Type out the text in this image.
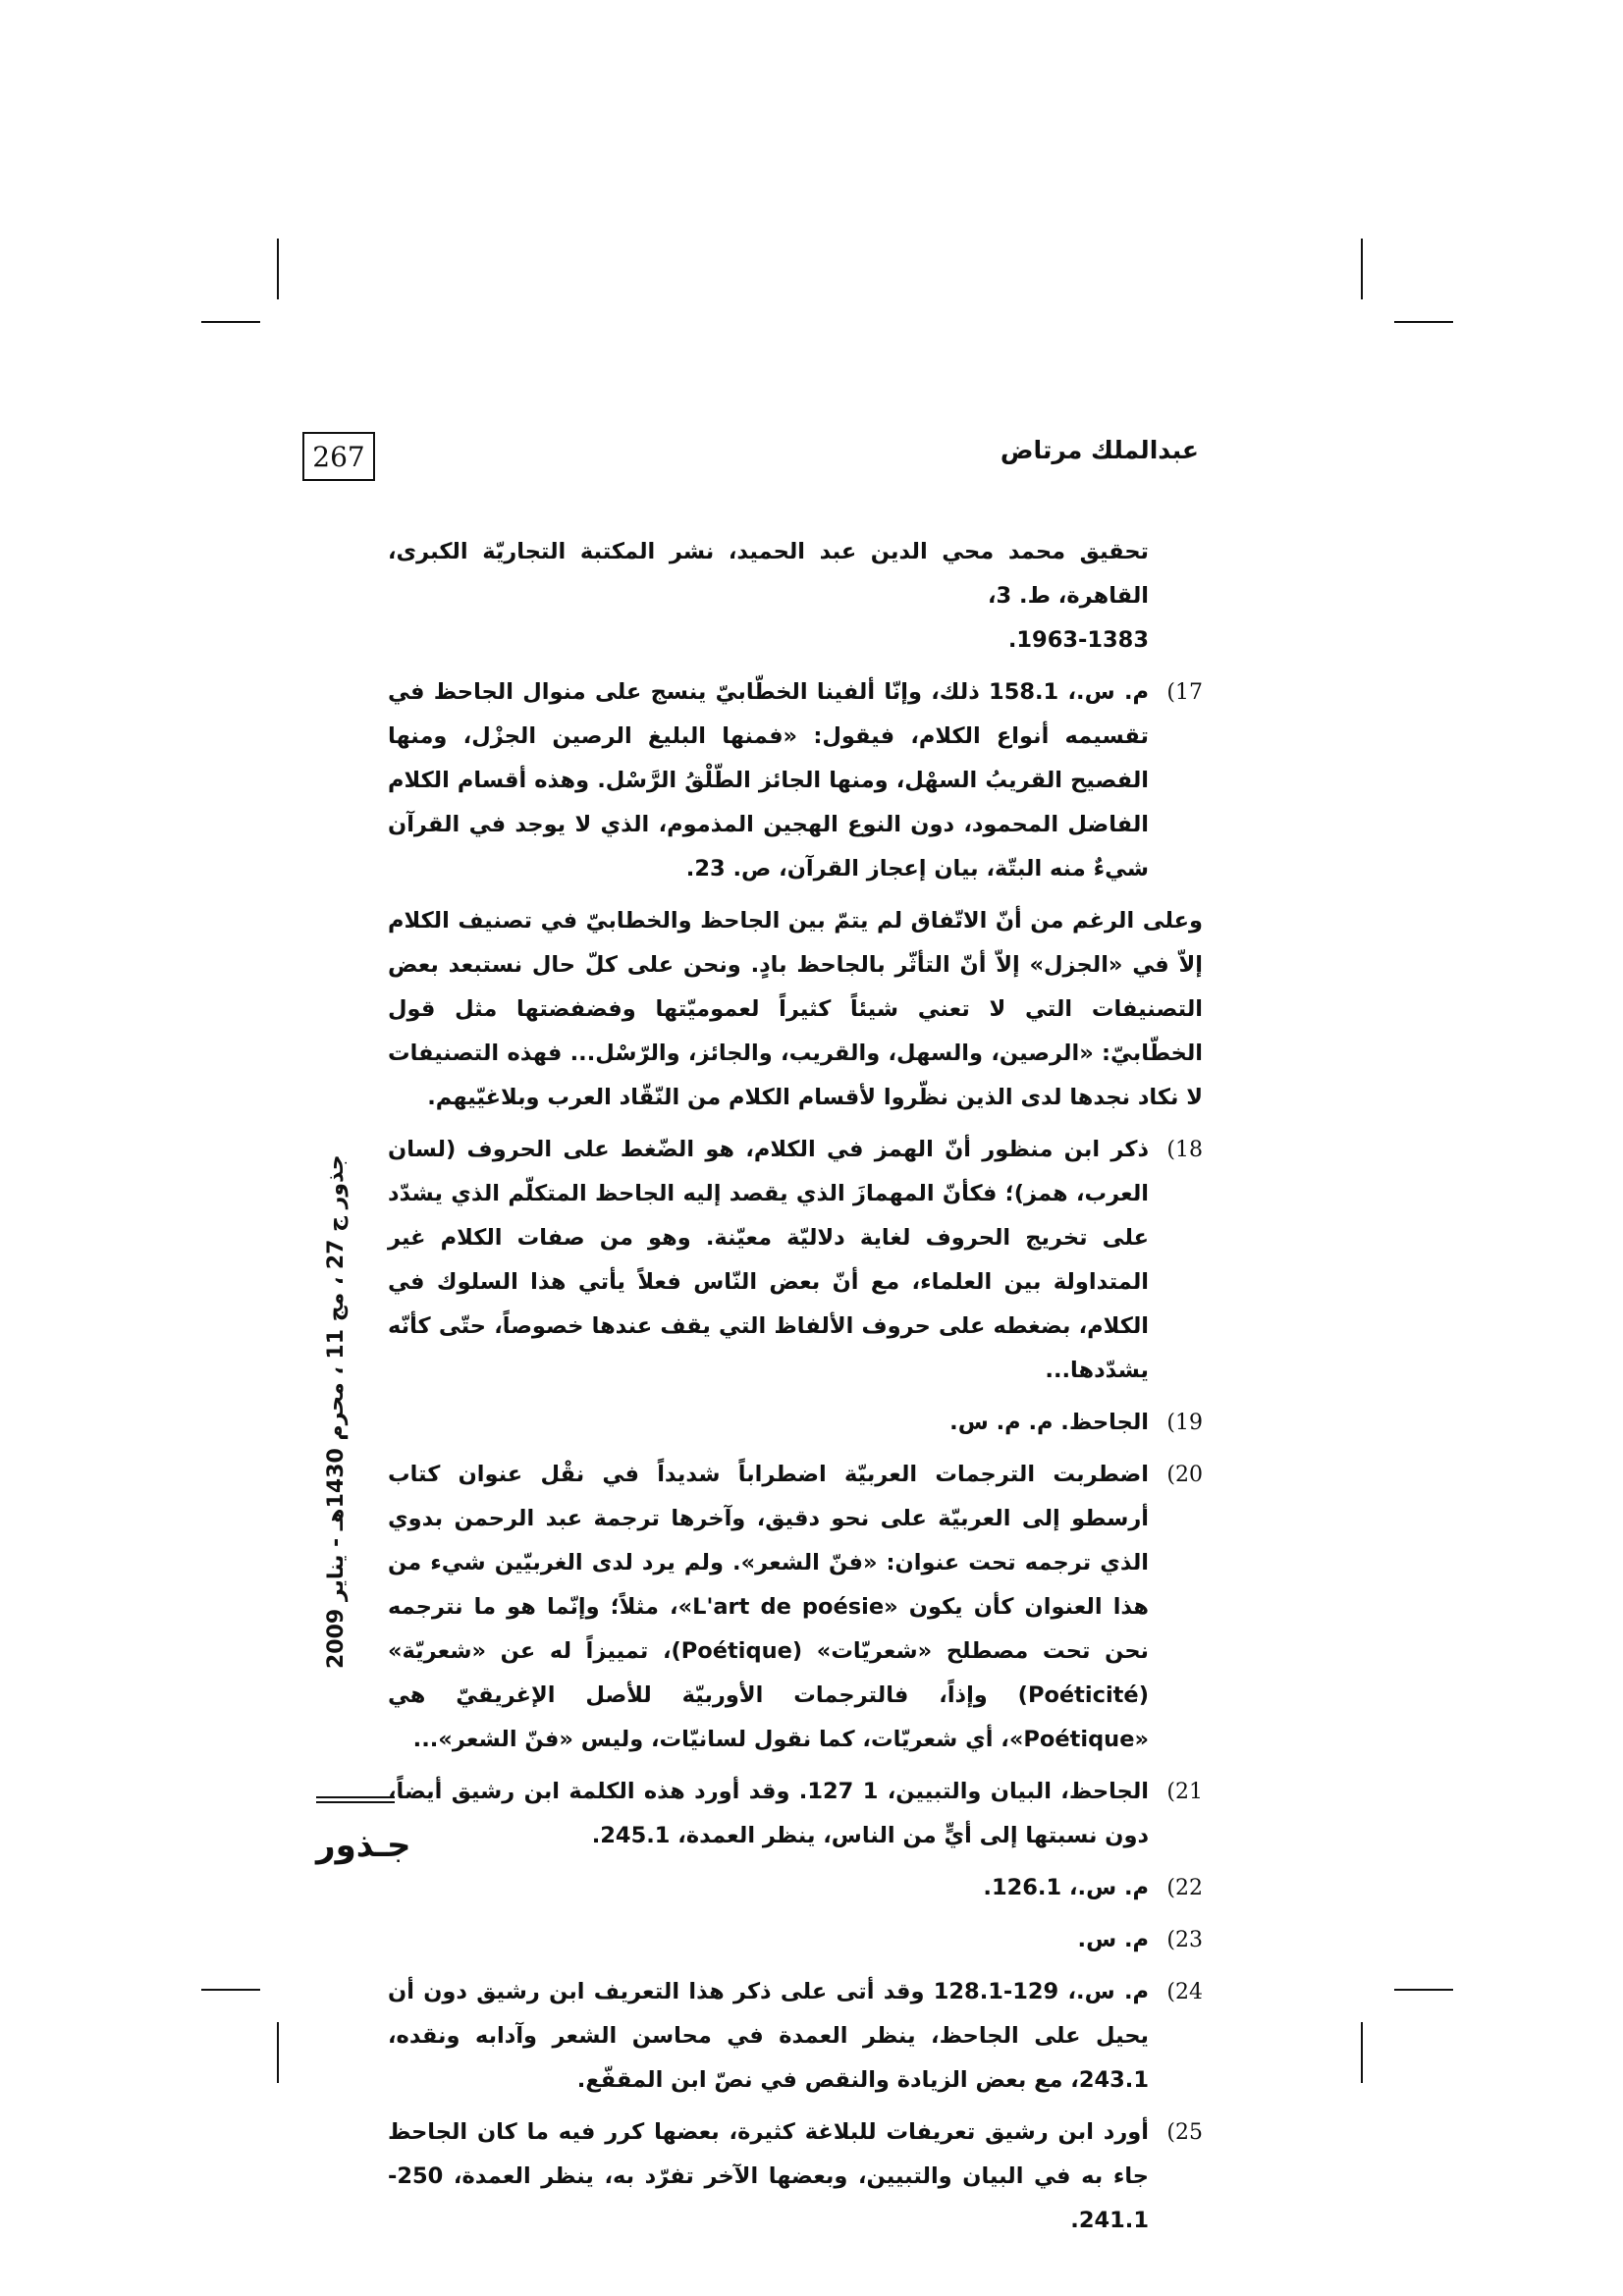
267	عبدالملك مرتاض

تحقيق محمد محي الدين عبد الحميد، نشر المكتبة التجاريّة الكبرى، القاهرة، ط. 3،

1963-1383.

17)
م. س.، 158.1 ذلك، وإنّا ألفينا الخطّابيّ ينسج على منوال الجاحظ في تقسيمه أنواع الكلام، فيقول: «فمنها البليغ الرصين الجزْل، ومنها الفصيح القريبُ السهْل، ومنها الجائز الطّلْقُ الرَّسْل. وهذه أقسام الكلام الفاضل المحمود، دون النوع الهجين المذموم، الذي لا يوجد في القرآن شيءٌ منه البتّة، بيان إعجاز القرآن، ص. 23.
وعلى الرغم من أنّ الاتّفاق لم يتمّ بين الجاحظ والخطابيّ في تصنيف الكلام إلاّ في «الجزل» إلاّ أنّ التأثّر بالجاحظ بادٍ. ونحن على كلّ حال نستبعد بعض التصنيفات التي لا تعني شيئاً كثيراً لعموميّتها وفضفضتها مثل قول الخطّابيّ: «الرصين، والسهل، والقريب، والجائز، والرّسْل... فهذه التصنيفات لا نكاد نجدها لدى الذين نظّروا لأقسام الكلام من النّقّاد العرب وبلاغيّيهم.
18)
ذكر ابن منظور أنّ الهمز في الكلام، هو الضّغط على الحروف (لسان العرب، همز)؛ فكأنّ المهمازَ الذي يقصد إليه الجاحظ المتكلّم الذي يشدّد على تخريج الحروف لغاية دلاليّة معيّنة. وهو من صفات الكلام غير المتداولة بين العلماء، مع أنّ بعض النّاس فعلاً يأتي هذا السلوك في الكلام، بضغطه على حروف الألفاظ التي يقف عندها خصوصاً، حتّى كأنّه يشدّدها...
19)
الجاحظ. م. م. س.
20)
اضطربت الترجمات العربيّة اضطراباً شديداً في نقْل عنوان كتاب أرسطو إلى العربيّة على نحو دقيق، وآخرها ترجمة عبد الرحمن بدوي الذي ترجمه تحت عنوان: «فنّ الشعر». ولم يرد لدى الغربيّين شيء من هذا العنوان كأن يكون «L'art de poésie»، مثلاً؛ وإنّما هو ما نترجمه نحن تحت مصطلح «شعريّات» (Poétique)، تمييزاً له عن «شعريّة» (Poéticité) وإذاً، فالترجمات الأوربيّة للأصل الإغريقيّ هي «Poétique»، أي شعريّات، كما نقول لسانيّات، وليس «فنّ الشعر»...
21)
الجاحظ، البيان والتبيين، 1 127. وقد أورد هذه الكلمة ابن رشيق أيضاً، دون نسبتها إلى أيٍّ من الناس، ينظر العمدة، 245.1.
22)
م. س.، 126.1.
23)
م. س.
24)
م. س.، 129-128.1 وقد أتى على ذكر هذا التعريف ابن رشيق دون أن يحيل على الجاحظ، ينظر العمدة في محاسن الشعر وآدابه ونقده، 243.1، مع بعض الزيادة والنقص في نصّ ابن المقفّع.
25)
أورد ابن رشيق تعريفات للبلاغة كثيرة، بعضها كرر فيه ما كان الجاحظ جاء به في البيان والتبيين، وبعضها الآخر تفرّد به، ينظر العمدة، 250-241.1.
جذور ج 27 ، مج 11 ، محرم 1430هـ - يناير 2009
جـذور
